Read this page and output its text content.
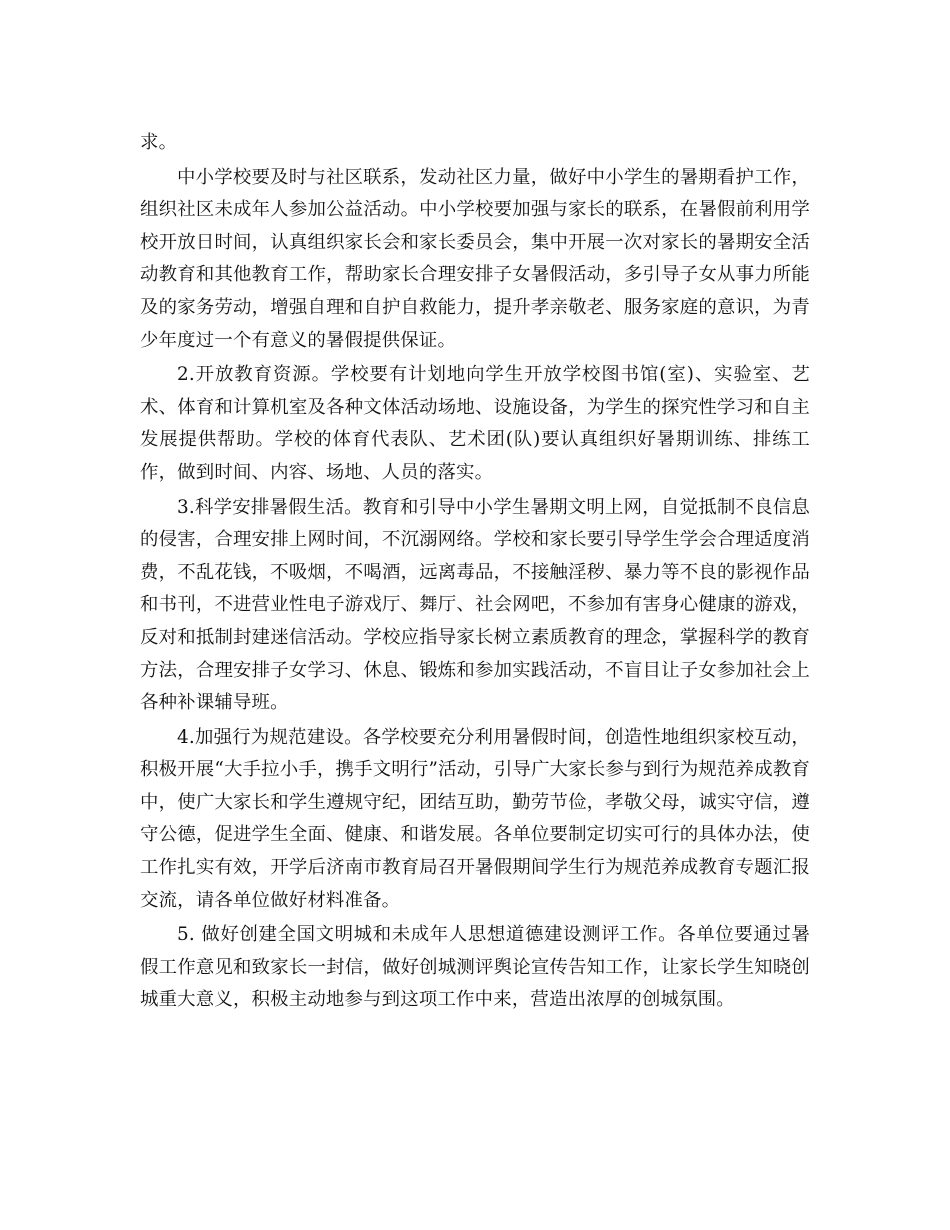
求。

中小学校要及时与社区联系，发动社区力量，做好中小学生的暑期看护工作，组织社区未成年人参加公益活动。中小学校要加强与家长的联系，在暑假前利用学校开放日时间，认真组织家长会和家长委员会，集中开展一次对家长的暑期安全活动教育和其他教育工作，帮助家长合理安排子女暑假活动，多引导子女从事力所能及的家务劳动，增强自理和自护自救能力，提升孝亲敬老、服务家庭的意识，为青少年度过一个有意义的暑假提供保证。

2.开放教育资源。学校要有计划地向学生开放学校图书馆(室)、实验室、艺术、体育和计算机室及各种文体活动场地、设施设备，为学生的探究性学习和自主发展提供帮助。学校的体育代表队、艺术团(队)要认真组织好暑期训练、排练工作，做到时间、内容、场地、人员的落实。

3.科学安排暑假生活。教育和引导中小学生暑期文明上网，自觉抵制不良信息的侵害，合理安排上网时间，不沉溺网络。学校和家长要引导学生学会合理适度消费，不乱花钱，不吸烟，不喝酒，远离毒品，不接触淫秽、暴力等不良的影视作品和书刊，不进营业性电子游戏厅、舞厅、社会网吧，不参加有害身心健康的游戏，反对和抵制封建迷信活动。学校应指导家长树立素质教育的理念，掌握科学的教育方法，合理安排子女学习、休息、锻炼和参加实践活动，不盲目让子女参加社会上各种补课辅导班。

4.加强行为规范建设。各学校要充分利用暑假时间，创造性地组织家校互动，积极开展“大手拉小手，携手文明行”活动，引导广大家长参与到行为规范养成教育中，使广大家长和学生遵规守纪，团结互助，勤劳节俭，孝敬父母，诚实守信，遵守公德，促进学生全面、健康、和谐发展。各单位要制定切实可行的具体办法，使工作扎实有效，开学后济南市教育局召开暑假期间学生行为规范养成教育专题汇报交流，请各单位做好材料准备。

5. 做好创建全国文明城和未成年人思想道德建设测评工作。各单位要通过暑假工作意见和致家长一封信，做好创城测评舆论宣传告知工作，让家长学生知晓创城重大意义，积极主动地参与到这项工作中来，营造出浓厚的创城氛围。
